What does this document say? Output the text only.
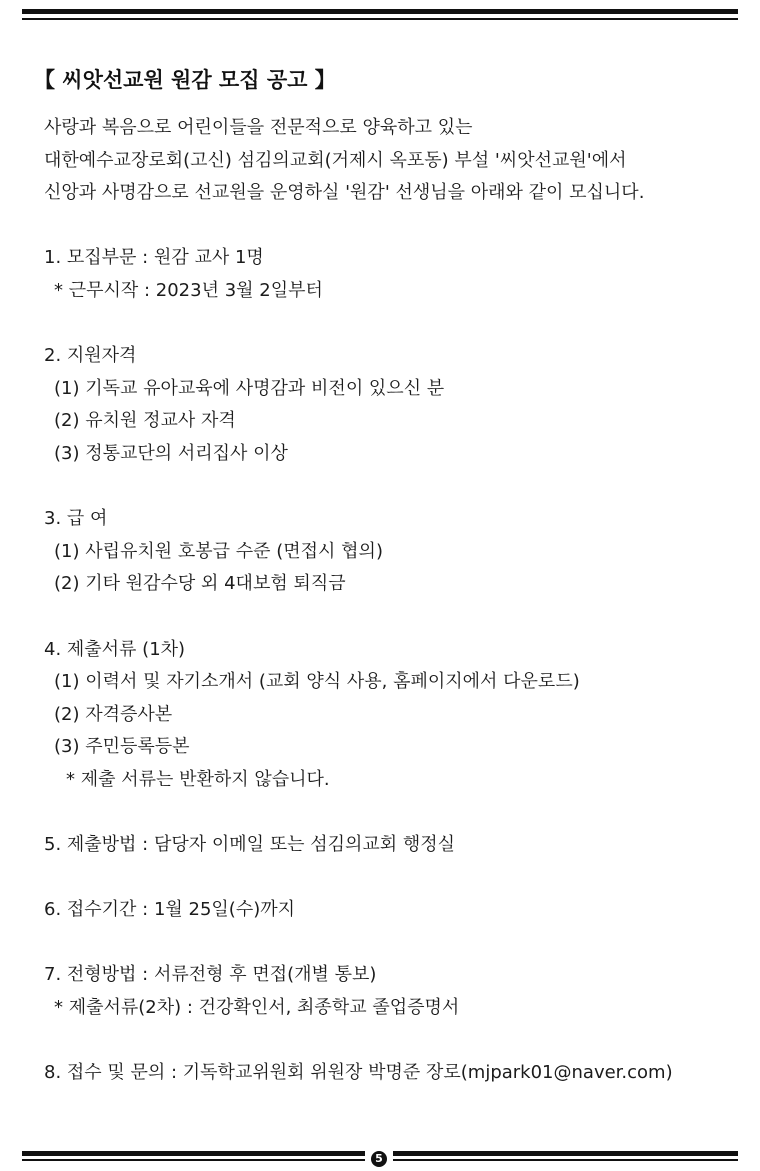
【 씨앗선교원 원감 모집 공고 】
사랑과 복음으로 어린이들을 전문적으로 양육하고 있는
대한예수교장로회(고신) 섬김의교회(거제시 옥포동) 부설 '씨앗선교원'에서
신앙과 사명감으로 선교원을 운영하실 '원감' 선생님을 아래와 같이 모십니다.
1. 모집부문 : 원감 교사 1명
* 근무시작 : 2023년 3월 2일부터
2. 지원자격
(1) 기독교 유아교육에 사명감과 비전이 있으신 분
(2) 유치원 정교사 자격
(3) 정통교단의 서리집사 이상
3. 급 여
(1) 사립유치원 호봉급 수준 (면접시 협의)
(2) 기타 원감수당 외 4대보험 퇴직금
4. 제출서류 (1차)
(1) 이력서 및 자기소개서 (교회 양식 사용, 홈페이지에서 다운로드)
(2) 자격증사본
(3) 주민등록등본
* 제출 서류는 반환하지 않습니다.
5. 제출방법 : 담당자 이메일 또는 섬김의교회 행정실
6. 접수기간 : 1월 25일(수)까지
7. 전형방법 : 서류전형 후 면접(개별 통보)
* 제출서류(2차) : 건강확인서, 최종학교 졸업증명서
8. 접수 및 문의 : 기독학교위원회 위원장 박명준 장로(mjpark01@naver.com)
5
